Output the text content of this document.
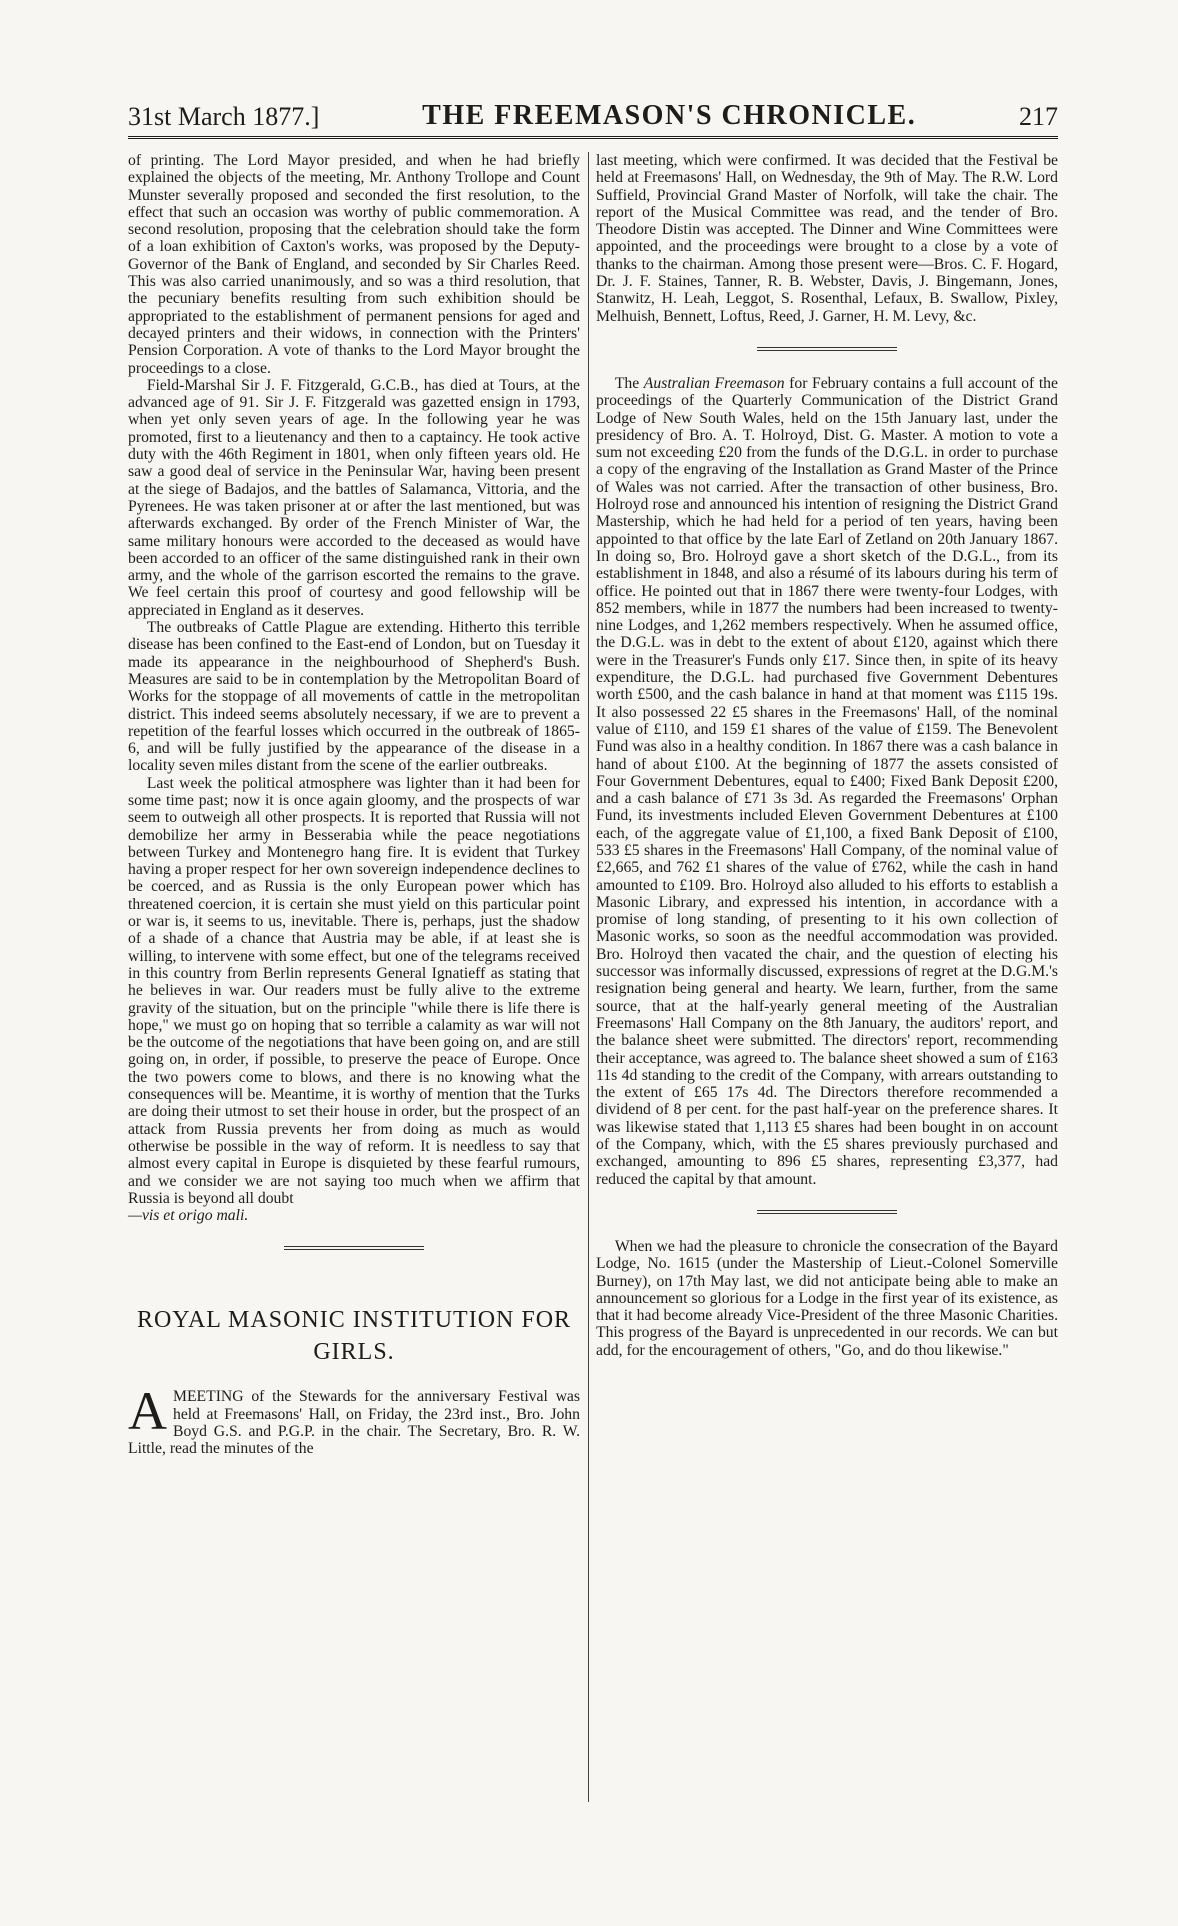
31st March 1877.]	THE FREEMASON'S CHRONICLE.	217

of printing. The Lord Mayor presided, and when he had briefly explained the objects of the meeting, Mr. Anthony Trollope and Count Munster severally proposed and seconded the first resolution, to the effect that such an occasion was worthy of public commemoration. A second resolution, proposing that the celebration should take the form of a loan exhibition of Caxton's works, was proposed by the Deputy-Governor of the Bank of England, and seconded by Sir Charles Reed. This was also carried unanimously, and so was a third resolution, that the pecuniary benefits resulting from such exhibition should be appropriated to the establishment of permanent pensions for aged and decayed printers and their widows, in connection with the Printers' Pension Corporation. A vote of thanks to the Lord Mayor brought the proceedings to a close.

Field-Marshal Sir J. F. Fitzgerald, G.C.B., has died at Tours, at the advanced age of 91. Sir J. F. Fitzgerald was gazetted ensign in 1793, when yet only seven years of age. In the following year he was promoted, first to a lieutenancy and then to a captaincy. He took active duty with the 46th Regiment in 1801, when only fifteen years old. He saw a good deal of service in the Peninsular War, having been present at the siege of Badajos, and the battles of Salamanca, Vittoria, and the Pyrenees. He was taken prisoner at or after the last mentioned, but was afterwards exchanged. By order of the French Minister of War, the same military honours were accorded to the deceased as would have been accorded to an officer of the same distinguished rank in their own army, and the whole of the garrison escorted the remains to the grave. We feel certain this proof of courtesy and good fellowship will be appreciated in England as it deserves.

The outbreaks of Cattle Plague are extending. Hitherto this terrible disease has been confined to the East-end of London, but on Tuesday it made its appearance in the neighbourhood of Shepherd's Bush. Measures are said to be in contemplation by the Metropolitan Board of Works for the stoppage of all movements of cattle in the metropolitan district. This indeed seems absolutely necessary, if we are to prevent a repetition of the fearful losses which occurred in the outbreak of 1865-6, and will be fully justified by the appearance of the disease in a locality seven miles distant from the scene of the earlier outbreaks.

Last week the political atmosphere was lighter than it had been for some time past; now it is once again gloomy, and the prospects of war seem to outweigh all other prospects. It is reported that Russia will not demobilize her army in Besserabia while the peace negotiations between Turkey and Montenegro hang fire. It is evident that Turkey having a proper respect for her own sovereign independence declines to be coerced, and as Russia is the only European power which has threatened coercion, it is certain she must yield on this particular point or war is, it seems to us, inevitable. There is, perhaps, just the shadow of a shade of a chance that Austria may be able, if at least she is willing, to intervene with some effect, but one of the telegrams received in this country from Berlin represents General Ignatieff as stating that he believes in war. Our readers must be fully alive to the extreme gravity of the situation, but on the principle "while there is life there is hope," we must go on hoping that so terrible a calamity as war will not be the outcome of the negotiations that have been going on, and are still going on, in order, if possible, to preserve the peace of Europe. Once the two powers come to blows, and there is no knowing what the consequences will be. Meantime, it is worthy of mention that the Turks are doing their utmost to set their house in order, but the prospect of an attack from Russia prevents her from doing as much as would otherwise be possible in the way of reform. It is needless to say that almost every capital in Europe is disquieted by these fearful rumours, and we consider we are not saying too much when we affirm that Russia is beyond all doubt

—vis et origo mali.

ROYAL MASONIC INSTITUTION FOR
GIRLS.

AMEETING of the Stewards for the anniversary Festival was held at Freemasons' Hall, on Friday, the 23rd inst., Bro. John Boyd G.S. and P.G.P. in the chair. The Secretary, Bro. R. W. Little, read the minutes of the

last meeting, which were confirmed. It was decided that the Festival be held at Freemasons' Hall, on Wednesday, the 9th of May. The R.W. Lord Suffield, Provincial Grand Master of Norfolk, will take the chair. The report of the Musical Committee was read, and the tender of Bro. Theodore Distin was accepted. The Dinner and Wine Committees were appointed, and the proceedings were brought to a close by a vote of thanks to the chairman. Among those present were—Bros. C. F. Hogard, Dr. J. F. Staines, Tanner, R. B. Webster, Davis, J. Bingemann, Jones, Stanwitz, H. Leah, Leggot, S. Rosenthal, Lefaux, B. Swallow, Pixley, Melhuish, Bennett, Loftus, Reed, J. Garner, H. M. Levy, &c.

The Australian Freemason for February contains a full account of the proceedings of the Quarterly Communication of the District Grand Lodge of New South Wales, held on the 15th January last, under the presidency of Bro. A. T. Holroyd, Dist. G. Master. A motion to vote a sum not exceeding £20 from the funds of the D.G.L. in order to purchase a copy of the engraving of the Installation as Grand Master of the Prince of Wales was not carried. After the transaction of other business, Bro. Holroyd rose and announced his intention of resigning the District Grand Mastership, which he had held for a period of ten years, having been appointed to that office by the late Earl of Zetland on 20th January 1867. In doing so, Bro. Holroyd gave a short sketch of the D.G.L., from its establishment in 1848, and also a résumé of its labours during his term of office. He pointed out that in 1867 there were twenty-four Lodges, with 852 members, while in 1877 the numbers had been increased to twenty-nine Lodges, and 1,262 members respectively. When he assumed office, the D.G.L. was in debt to the extent of about £120, against which there were in the Treasurer's Funds only £17. Since then, in spite of its heavy expenditure, the D.G.L. had purchased five Government Debentures worth £500, and the cash balance in hand at that moment was £115 19s. It also possessed 22 £5 shares in the Freemasons' Hall, of the nominal value of £110, and 159 £1 shares of the value of £159. The Benevolent Fund was also in a healthy condition. In 1867 there was a cash balance in hand of about £100. At the beginning of 1877 the assets consisted of Four Government Debentures, equal to £400; Fixed Bank Deposit £200, and a cash balance of £71 3s 3d. As regarded the Freemasons' Orphan Fund, its investments included Eleven Government Debentures at £100 each, of the aggregate value of £1,100, a fixed Bank Deposit of £100, 533 £5 shares in the Freemasons' Hall Company, of the nominal value of £2,665, and 762 £1 shares of the value of £762, while the cash in hand amounted to £109. Bro. Holroyd also alluded to his efforts to establish a Masonic Library, and expressed his intention, in accordance with a promise of long standing, of presenting to it his own collection of Masonic works, so soon as the needful accommodation was provided. Bro. Holroyd then vacated the chair, and the question of electing his successor was informally discussed, expressions of regret at the D.G.M.'s resignation being general and hearty. We learn, further, from the same source, that at the half-yearly general meeting of the Australian Freemasons' Hall Company on the 8th January, the auditors' report, and the balance sheet were submitted. The directors' report, recommending their acceptance, was agreed to. The balance sheet showed a sum of £163 11s 4d standing to the credit of the Company, with arrears outstanding to the extent of £65 17s 4d. The Directors therefore recommended a dividend of 8 per cent. for the past half-year on the preference shares. It was likewise stated that 1,113 £5 shares had been bought in on account of the Company, which, with the £5 shares previously purchased and exchanged, amounting to 896 £5 shares, representing £3,377, had reduced the capital by that amount.

When we had the pleasure to chronicle the consecration of the Bayard Lodge, No. 1615 (under the Mastership of Lieut.-Colonel Somerville Burney), on 17th May last, we did not anticipate being able to make an announcement so glorious for a Lodge in the first year of its existence, as that it had become already Vice-President of the three Masonic Charities. This progress of the Bayard is unprecedented in our records. We can but add, for the encouragement of others, "Go, and do thou likewise."
